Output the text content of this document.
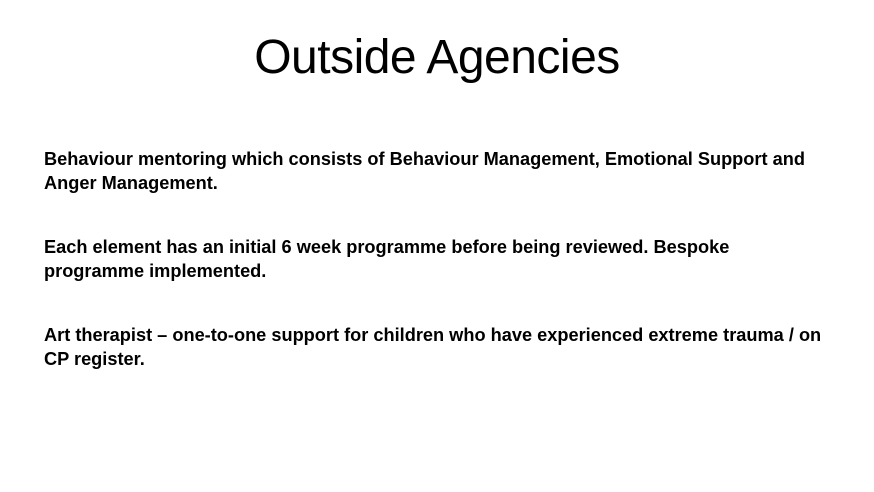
Outside Agencies

Behaviour mentoring which consists of Behaviour Management, Emotional Support and Anger Management.

Each element has an initial 6 week programme before being reviewed. Bespoke programme implemented.

Art therapist – one-to-one support for children who have experienced extreme trauma / on CP register.
